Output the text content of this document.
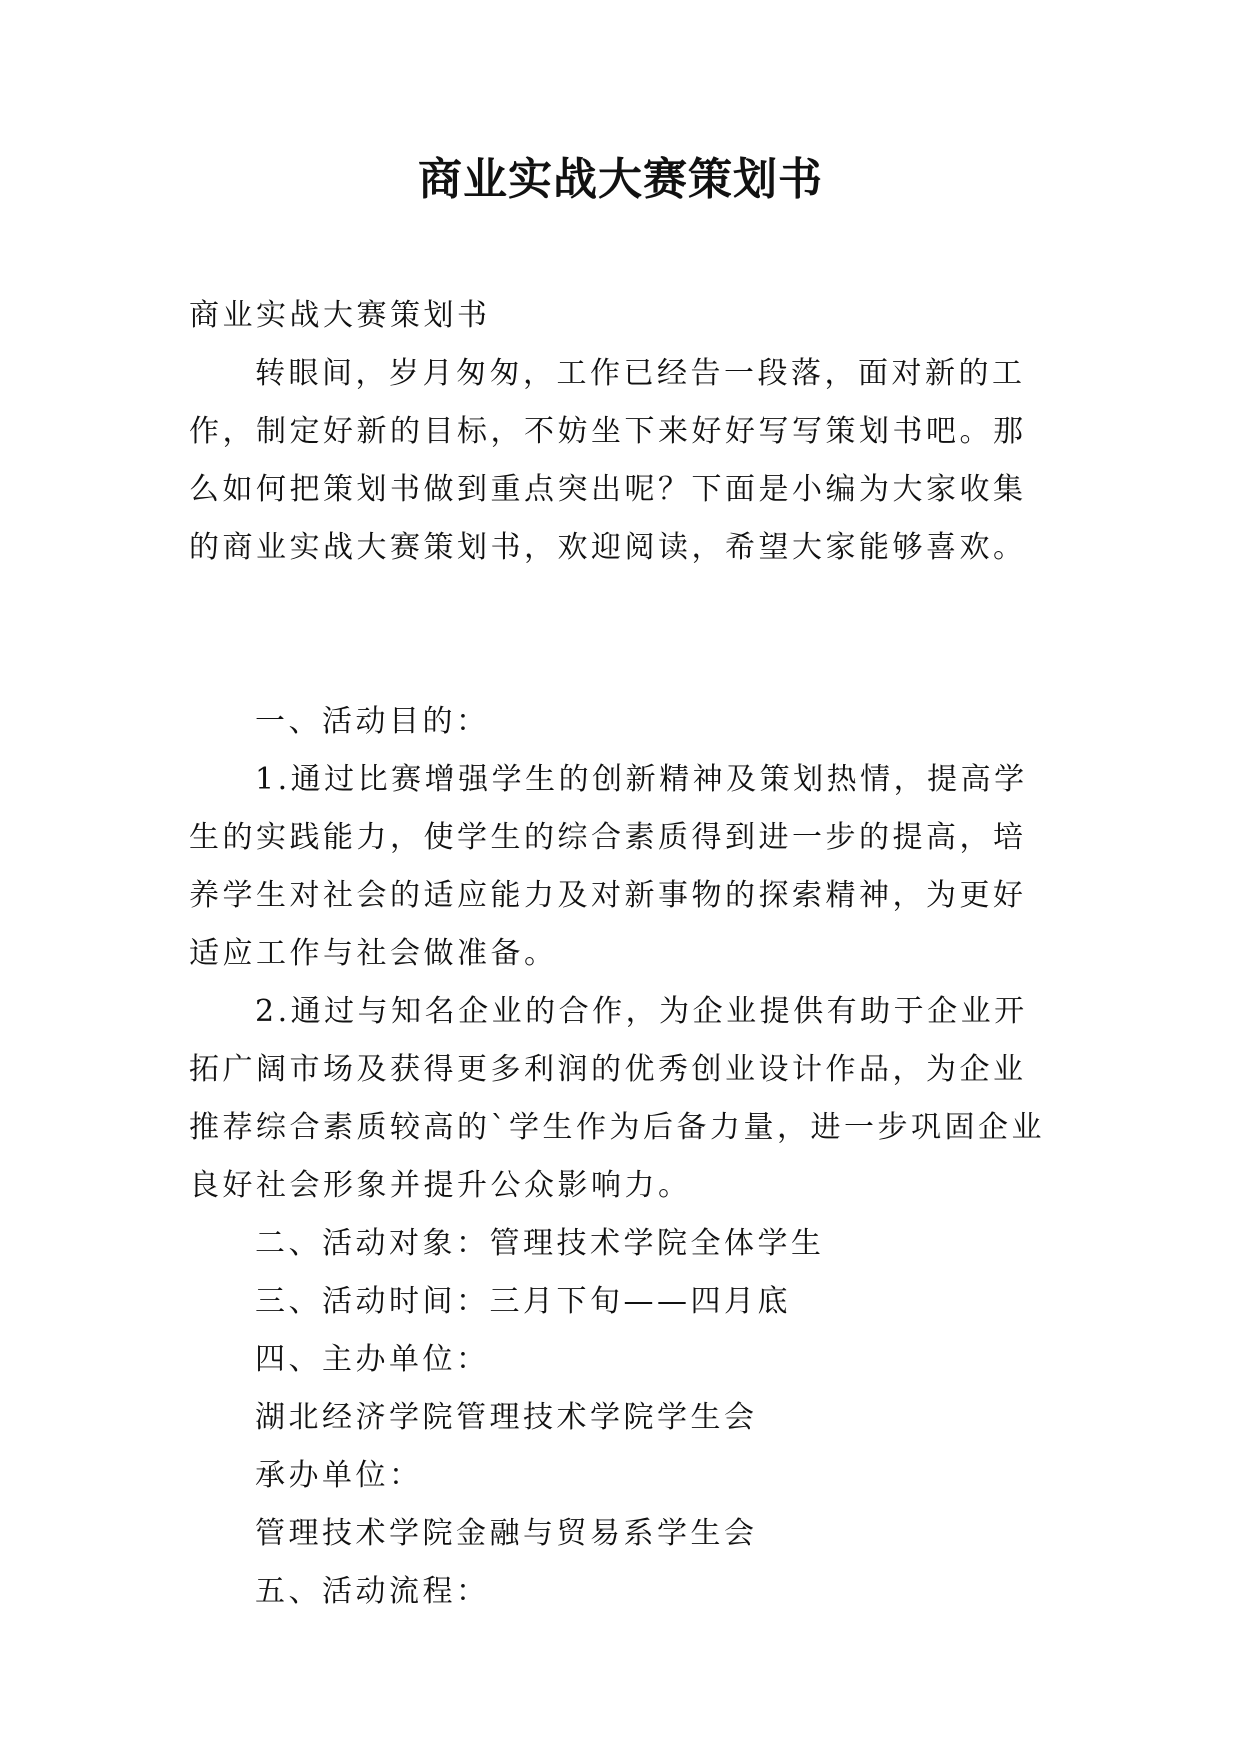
商业实战大赛策划书

商业实战大赛策划书

转眼间，岁月匆匆，工作已经告一段落，面对新的工作，制定好新的目标，不妨坐下来好好写写策划书吧。那么如何把策划书做到重点突出呢？下面是小编为大家收集的商业实战大赛策划书，欢迎阅读，希望大家能够喜欢。

一、活动目的：

1.通过比赛增强学生的创新精神及策划热情，提高学生的实践能力，使学生的综合素质得到进一步的提高，培养学生对社会的适应能力及对新事物的探索精神，为更好适应工作与社会做准备。

2.通过与知名企业的合作，为企业提供有助于企业开拓广阔市场及获得更多利润的优秀创业设计作品，为企业推荐综合素质较高的`学生作为后备力量，进一步巩固企业良好社会形象并提升公众影响力。

二、活动对象：管理技术学院全体学生

三、活动时间：三月下旬——四月底

四、主办单位：

湖北经济学院管理技术学院学生会

承办单位：

管理技术学院金融与贸易系学生会

五、活动流程：
